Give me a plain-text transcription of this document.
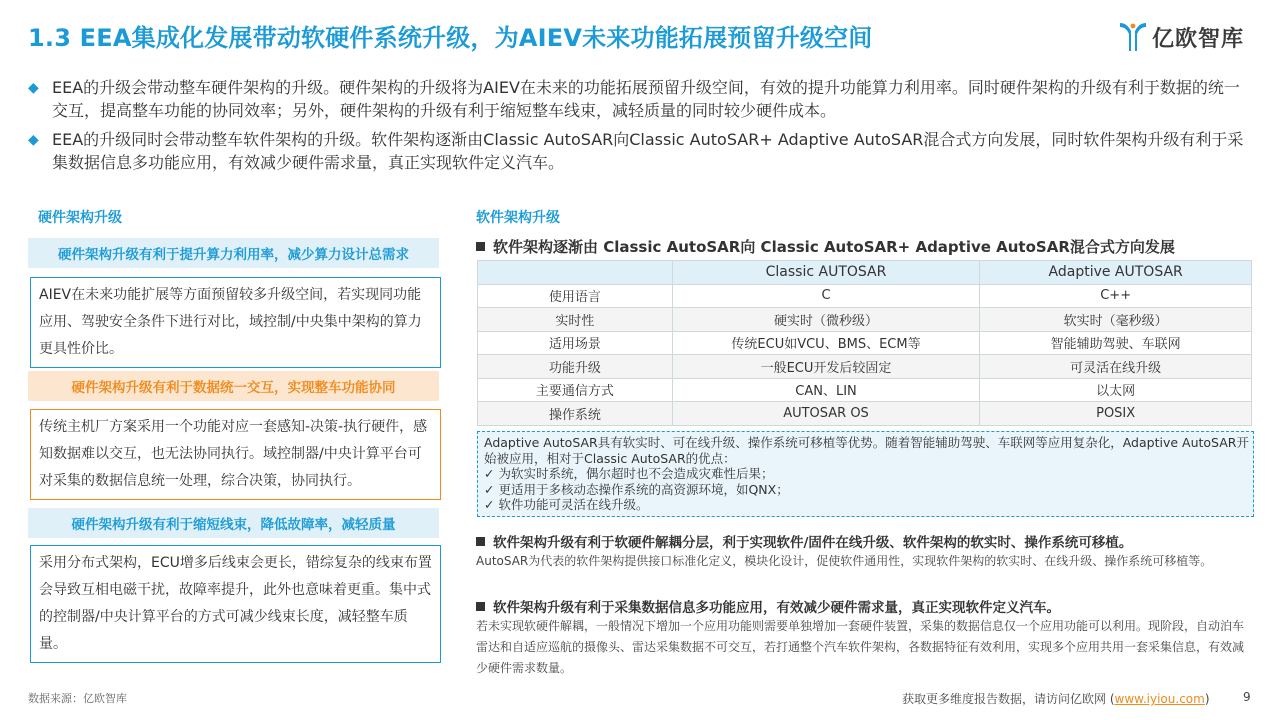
1.3 EEA集成化发展带动软硬件系统升级，为AIEV未来功能拓展预留升级空间	亿欧智库
◆ EEA的升级会带动整车硬件架构的升级。硬件架构的升级将为AIEV在未来的功能拓展预留升级空间，有效的提升功能算力利用率。同时硬件架构的升级有利于数据的统一交互，提高整车功能的协同效率；另外，硬件架构的升级有利于缩短整车线束，减轻质量的同时较少硬件成本。
◆ EEA的升级同时会带动整车软件架构的升级。软件架构逐渐由Classic AutoSAR向Classic AutoSAR+ Adaptive AutoSAR混合式方向发展，同时软件架构升级有利于采集数据信息多功能应用，有效减少硬件需求量，真正实现软件定义汽车。
硬件架构升级
硬件架构升级有利于提升算力利用率，减少算力设计总需求
AIEV在未来功能扩展等方面预留较多升级空间，若实现同功能应用、驾驶安全条件下进行对比，域控制/中央集中架构的算力更具性价比。
硬件架构升级有利于数据统一交互，实现整车功能协同
传统主机厂方案采用一个功能对应一套感知-决策-执行硬件，感知数据难以交互，也无法协同执行。域控制器/中央计算平台可对采集的数据信息统一处理，综合决策，协同执行。
硬件架构升级有利于缩短线束，降低故障率，减轻质量
采用分布式架构，ECU增多后线束会更长，错综复杂的线束布置会导致互相电磁干扰，故障率提升，此外也意味着更重。集中式的控制器/中央计算平台的方式可减少线束长度，减轻整车质量。
软件架构升级
软件架构逐渐由 Classic AutoSAR向 Classic AutoSAR+ Adaptive AutoSAR混合式方向发展
	Classic AUTOSAR	Adaptive AUTOSAR
使用语言	C	C++
实时性	硬实时（微秒级）	软实时（毫秒级）
适用场景	传统ECU如VCU、BMS、ECM等	智能辅助驾驶、车联网
功能升级	一般ECU开发后较固定	可灵活在线升级
主要通信方式	CAN、LIN	以太网
操作系统	AUTOSAR OS	POSIX
Adaptive AutoSAR具有软实时、可在线升级、操作系统可移植等优势。随着智能辅助驾驶、车联网等应用复杂化，Adaptive AutoSAR开始被应用，相对于Classic AutoSAR的优点：
✓ 为软实时系统，偶尔超时也不会造成灾难性后果；
✓ 更适用于多核动态操作系统的高资源环境，如QNX；
✓ 软件功能可灵活在线升级。
软件架构升级有利于软硬件解耦分层，利于实现软件/固件在线升级、软件架构的软实时、操作系统可移植。
AutoSAR为代表的软件架构提供接口标准化定义，模块化设计，促使软件通用性，实现软件架构的软实时、在线升级、操作系统可移植等。
软件架构升级有利于采集数据信息多功能应用，有效减少硬件需求量，真正实现软件定义汽车。
若未实现软硬件解耦，一般情况下增加一个应用功能则需要单独增加一套硬件装置，采集的数据信息仅一个应用功能可以利用。现阶段，自动泊车雷达和自适应巡航的摄像头、雷达采集数据不可交互，若打通整个汽车软件架构，各数据特征有效利用，实现多个应用共用一套采集信息，有效减少硬件需求数量。
数据来源：亿欧智库	获取更多维度报告数据，请访问亿欧网 (www.iyiou.com)	9
